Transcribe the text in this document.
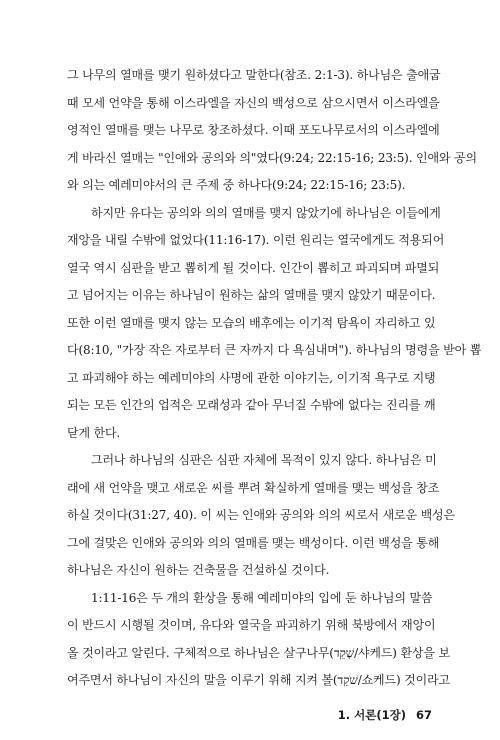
그 나무의 열매를 맺기 원하셨다고 말한다(참조. 2:1-3). 하나님은 출애굽
때 모세 언약을 통해 이스라엘을 자신의 백성으로 삼으시면서 이스라엘을
영적인 열매를 맺는 나무로 창조하셨다. 이때 포도나무로서의 이스라엘에
게 바라신 열매는 "인애와 공의와 의"였다(9:24; 22:15-16; 23:5). 인애와 공의
와 의는 예레미야서의 큰 주제 중 하나다(9:24; 22:15-16; 23:5).
하지만 유다는 공의와 의의 열매를 맺지 않았기에 하나님은 이들에게
재앙을 내릴 수밖에 없었다(11:16-17). 이런 원리는 열국에게도 적용되어
열국 역시 심판을 받고 뽑히게 될 것이다. 인간이 뽑히고 파괴되며 파멸되
고 넘어지는 이유는 하나님이 원하는 삶의 열매를 맺지 않았기 때문이다.
또한 이런 열매를 맺지 않는 모습의 배후에는 이기적 탐욕이 자리하고 있
다(8:10, "가장 작은 자로부터 큰 자까지 다 욕심내며"). 하나님의 명령을 받아 뽑
고 파괴해야 하는 예레미야의 사명에 관한 이야기는, 이기적 욕구로 지탱
되는 모든 인간의 업적은 모래성과 같아 무너질 수밖에 없다는 진리를 깨
닫게 한다.
그러나 하나님의 심판은 심판 자체에 목적이 있지 않다. 하나님은 미
래에 새 언약을 맺고 새로운 씨를 뿌려 확실하게 열매를 맺는 백성을 창조
하실 것이다(31:27, 40). 이 씨는 인애와 공의와 의의 씨로서 새로운 백성은
그에 걸맞은 인애와 공의와 의의 열매를 맺는 백성이다. 이런 백성을 통해
하나님은 자신이 원하는 건축물을 건설하실 것이다.
1:11-16은 두 개의 환상을 통해 예레미야의 입에 둔 하나님의 말씀
이 반드시 시행될 것이며, 유다와 열국을 파괴하기 위해 북방에서 재앙이
올 것이라고 알린다. 구체적으로 하나님은 살구나무(שָׁקֵד/샤케드) 환상을 보
여주면서 하나님이 자신의 말을 이루기 위해 지켜 볼(שֹׁקֵד/쇼케드) 것이라고
1. 서론(1장) 67
